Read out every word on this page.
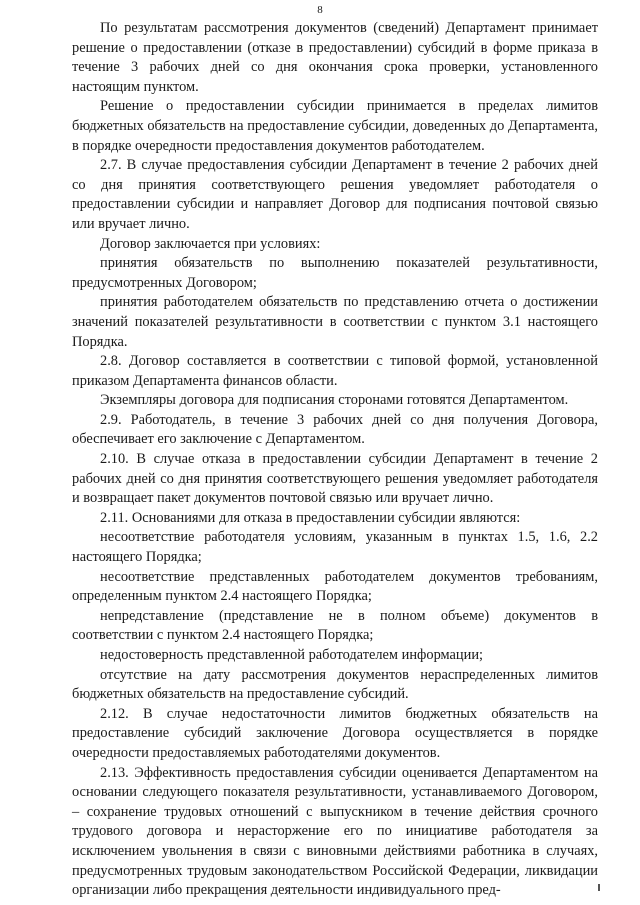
8

По результатам рассмотрения документов (сведений) Департамент принимает решение о предоставлении (отказе в предоставлении) субсидий в форме приказа в течение 3 рабочих дней со дня окончания срока проверки, установленного настоящим пунктом.

Решение о предоставлении субсидии принимается в пределах лимитов бюджетных обязательств на предоставление субсидии, доведенных до Департамента, в порядке очередности предоставления документов работодателем.

2.7. В случае предоставления субсидии Департамент в течение 2 рабочих дней со дня принятия соответствующего решения уведомляет работодателя о предоставлении субсидии и направляет Договор для подписания почтовой связью или вручает лично.

Договор заключается при условиях:

принятия обязательств по выполнению показателей результативности, предусмотренных Договором;

принятия работодателем обязательств по представлению отчета о достижении значений показателей результативности в соответствии с пунктом 3.1 настоящего Порядка.

2.8. Договор составляется в соответствии с типовой формой, установленной приказом Департамента финансов области.

Экземпляры договора для подписания сторонами готовятся Департаментом.

2.9. Работодатель, в течение 3 рабочих дней со дня получения Договора, обеспечивает его заключение с Департаментом.

2.10. В случае отказа в предоставлении субсидии Департамент в течение 2 рабочих дней со дня принятия соответствующего решения уведомляет работодателя и возвращает пакет документов почтовой связью или вручает лично.

2.11. Основаниями для отказа в предоставлении субсидии являются:

несоответствие работодателя условиям, указанным в пунктах 1.5, 1.6, 2.2 настоящего Порядка;

несоответствие представленных работодателем документов требованиям, определенным пунктом 2.4 настоящего Порядка;

непредставление (представление не в полном объеме) документов в соответствии с пунктом 2.4 настоящего Порядка;

недостоверность представленной работодателем информации;

отсутствие на дату рассмотрения документов нераспределенных лимитов бюджетных обязательств на предоставление субсидий.

2.12. В случае недостаточности лимитов бюджетных обязательств на предоставление субсидий заключение Договора осуществляется в порядке очередности предоставляемых работодателями документов.

2.13. Эффективность предоставления субсидии оценивается Департаментом на основании следующего показателя результативности, устанавливаемого Договором, – сохранение трудовых отношений с выпускником в течение действия срочного трудового договора и нерасторжение его по инициативе работодателя за исключением увольнения в связи с виновными действиями работника в случаях, предусмотренных трудовым законодательством Российской Федерации, ликвидации организации либо прекращения деятельности индивидуального пред-
